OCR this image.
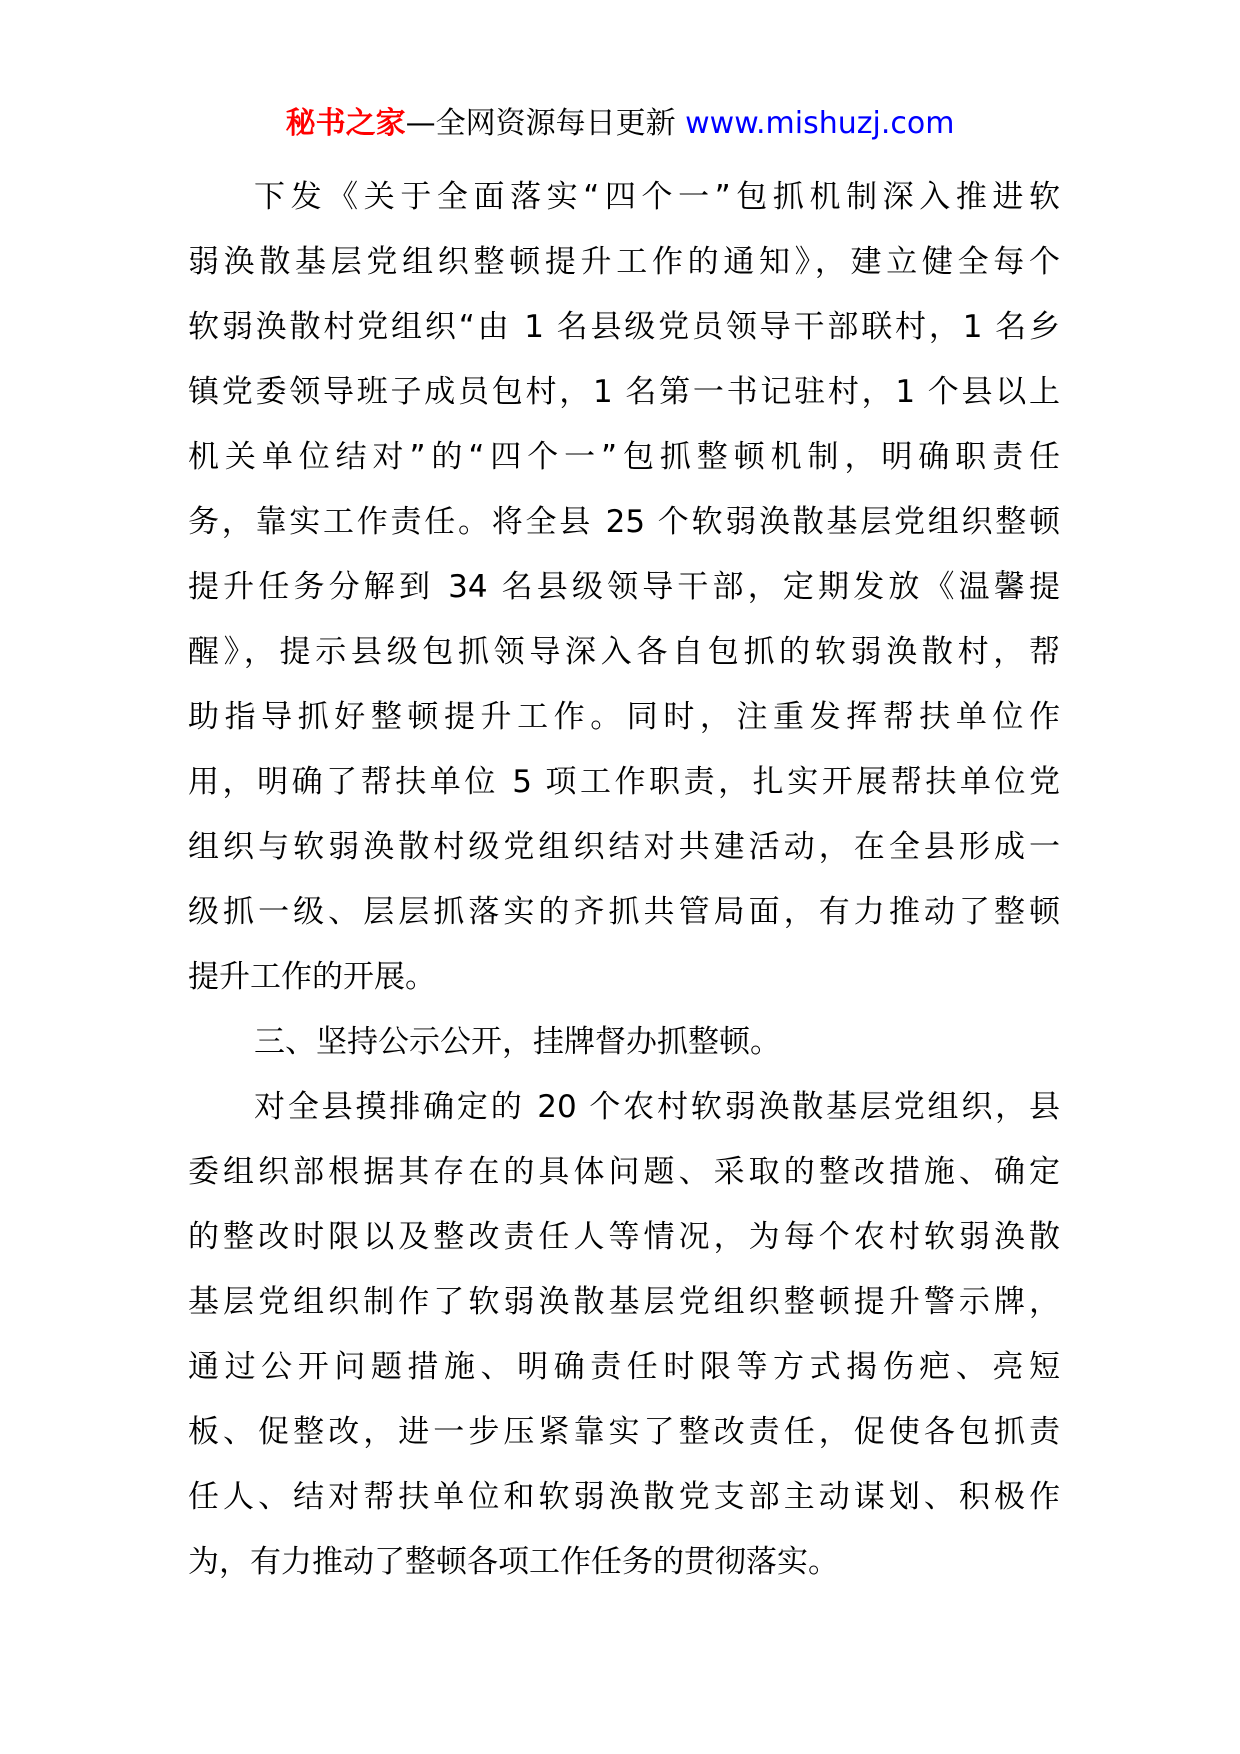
秘书之家—全网资源每日更新 www.mishuzj.com
下发《关于全面落实“四个一”包抓机制深入推进软
弱涣散基层党组织整顿提升工作的通知》，建立健全每个
软弱涣散村党组织“由 1 名县级党员领导干部联村，1 名乡
镇党委领导班子成员包村，1 名第一书记驻村，1 个县以上
机关单位结对”的“四个一”包抓整顿机制，明确职责任
务，靠实工作责任。将全县 25 个软弱涣散基层党组织整顿
提升任务分解到 34 名县级领导干部，定期发放《温馨提
醒》，提示县级包抓领导深入各自包抓的软弱涣散村，帮
助指导抓好整顿提升工作。同时，注重发挥帮扶单位作
用，明确了帮扶单位 5 项工作职责，扎实开展帮扶单位党
组织与软弱涣散村级党组织结对共建活动，在全县形成一
级抓一级、层层抓落实的齐抓共管局面，有力推动了整顿
提升工作的开展。
三、坚持公示公开，挂牌督办抓整顿。
对全县摸排确定的 20 个农村软弱涣散基层党组织，县
委组织部根据其存在的具体问题、采取的整改措施、确定
的整改时限以及整改责任人等情况，为每个农村软弱涣散
基层党组织制作了软弱涣散基层党组织整顿提升警示牌，
通过公开问题措施、明确责任时限等方式揭伤疤、亮短
板、促整改，进一步压紧靠实了整改责任，促使各包抓责
任人、结对帮扶单位和软弱涣散党支部主动谋划、积极作
为，有力推动了整顿各项工作任务的贯彻落实。
